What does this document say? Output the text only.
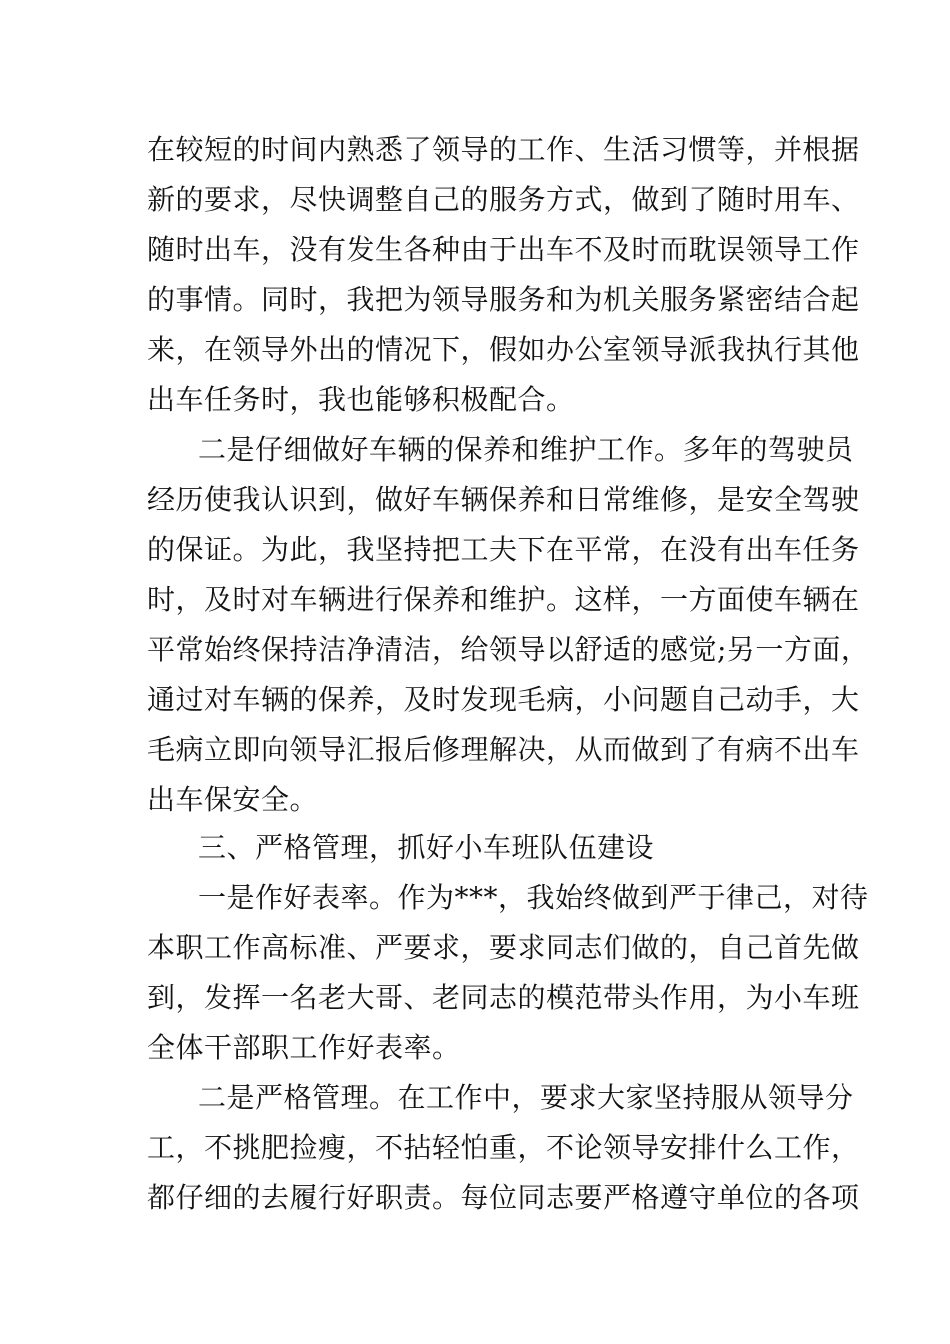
在较短的时间内熟悉了领导的工作、生活习惯等，并根据
新的要求，尽快调整自己的服务方式，做到了随时用车、
随时出车，没有发生各种由于出车不及时而耽误领导工作
的事情。同时，我把为领导服务和为机关服务紧密结合起
来，在领导外出的情况下，假如办公室领导派我执行其他
出车任务时，我也能够积极配合。
二是仔细做好车辆的保养和维护工作。多年的驾驶员
经历使我认识到，做好车辆保养和日常维修，是安全驾驶
的保证。为此，我坚持把工夫下在平常，在没有出车任务
时，及时对车辆进行保养和维护。这样，一方面使车辆在
平常始终保持洁净清洁，给领导以舒适的感觉;另一方面，
通过对车辆的保养，及时发现毛病，小问题自己动手，大
毛病立即向领导汇报后修理解决，从而做到了有病不出车
出车保安全。
三、严格管理，抓好小车班队伍建设
一是作好表率。作为***，我始终做到严于律己，对待
本职工作高标准、严要求，要求同志们做的，自己首先做
到，发挥一名老大哥、老同志的模范带头作用，为小车班
全体干部职工作好表率。
二是严格管理。在工作中，要求大家坚持服从领导分
工，不挑肥捡瘦，不拈轻怕重，不论领导安排什么工作，
都仔细的去履行好职责。每位同志要严格遵守单位的各项
